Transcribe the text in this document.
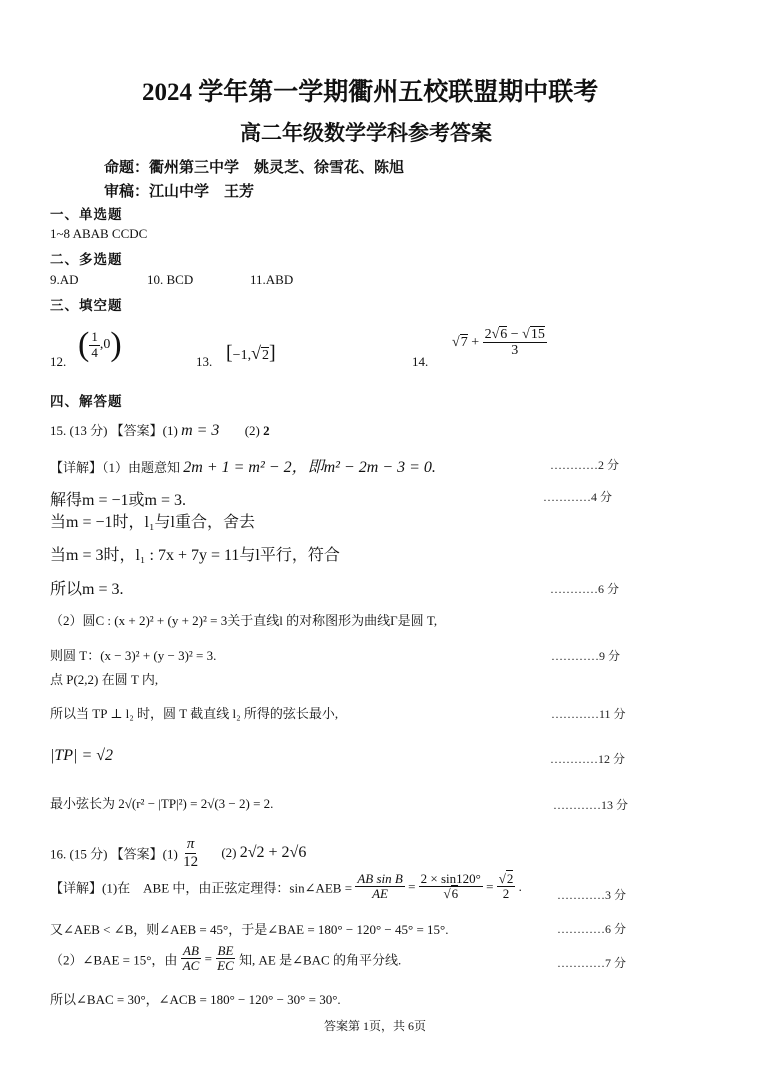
2024 学年第一学期衢州五校联盟期中联考
高二年级数学学科参考答案
命题：衢州第三中学　姚灵芝、徐雪花、陈旭
审稿：江山中学　王芳
一、单选题
1~8 ABAB CCDC
二、多选题
9.AD	10. BCD	11.ABD
三、填空题
12. ( $\frac{1}{4} ,0$)	13. [−1,√2]	14.
$√7 + \frac{2√6 - √15}{3}$
四、解答题
15. (13 分) 【答案】(1) m = 3 (2) 2
【详解】（1）由题意知 2m + 1 = m² − 2，即m² − 2m − 3 = 0.	…………2 分
解得m = −1或m = 3.	…………4 分
当m = −1时，l₁与l重合，舍去
当m = 3时，l₁ : 7x + 7y = 11与l平行，符合
所以m = 3.	…………6 分
（2）圆C : (x + 2)² + (y + 2)² = 3关于直线l 的对称图形为曲线Γ是圆 T,
则圆 T：(x − 3)² + (y − 3)² = 3.	…………9 分
点 P(2,2) 在圆 T 内,
所以当 TP ⊥ l₂ 时，圆 T 截直线 l₂ 所得的弦长最小,	…………11 分
|TP| = √2	…………12 分
最小弦长为 2√(r² − |TP|²) = 2√(3 − 2) = 2.	…………13 分
16. (15 分) 【答案】$(1) \frac{\pi}{12} (2) 2√2 + 2√6$
【详解】(1)在　ABE 中，由正弦定理得：sin∠AEB = $\frac{\text{AB sin B}}{AE} = \frac{2 \times \sin 120^\circ}{√6} = \frac{√2}{2}$ .
…………3 分
又∠AEB < ∠B，则∠AEB = 45°，于是∠BAE = 180° − 120° − 45° = 15°.	…………6 分
（2）∠BAE = 15°，由 $\frac{AB}{AC} = \frac{BE}{EC}$ 知, AE 是∠BAC 的角平分线.	…………7 分
所以∠BAC = 30°，∠ACB = 180° − 120° − 30° = 30°.
答案第 1页，共 6页
